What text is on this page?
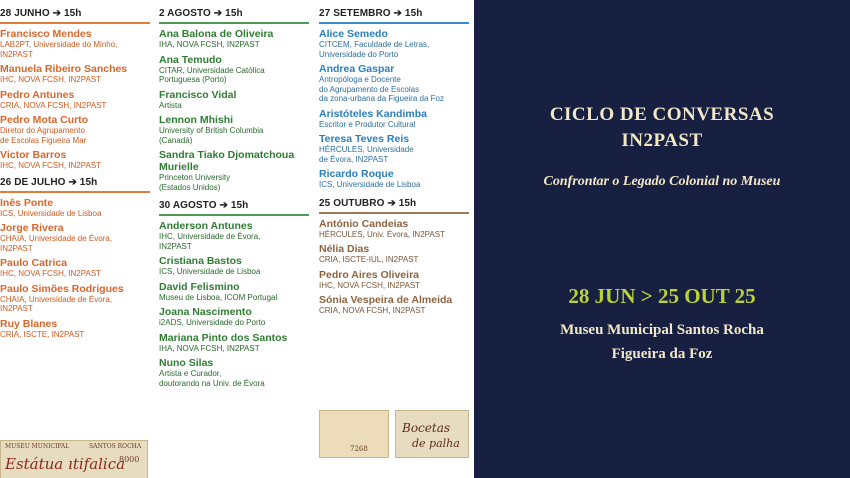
28 JUNHO ➔ 15h
Francisco Mendes
LAB2PT, Universidade do Minho,
IN2PAST
Manuela Ribeiro Sanches
IHC, NOVA FCSH, IN2PAST
Pedro Antunes
CRIA, NOVA FCSH, IN2PAST
Pedro Mota Curto
Diretor do Agrupamento
de Escolas Figueira Mar
Victor Barros
IHC, NOVA FCSH, IN2PAST
26 DE JULHO ➔ 15h
Inês Ponte
ICS, Universidade de Lisboa
Jorge Rivera
CHAIA, Universidade de Évora,
IN2PAST
Paulo Catrica
IHC, NOVA FCSH, IN2PAST
Paulo Simões Rodrigues
CHAIA, Universidade de Évora,
IN2PAST
Ruy Blanes
CRIA, ISCTE, IN2PAST
2 AGOSTO ➔ 15h
Ana Balona de Oliveira
IHA, NOVA FCSH, IN2PAST
Ana Temudo
CITAR, Universidade Católica
Portuguesa (Porto)
Francisco Vidal
Artista
Lennon Mhishi
University of British Columbia
(Canadá)
Sandra Tiako Djomatchoua Murielle
Princeton University
(Estados Unidos)
30 AGOSTO ➔ 15h
Anderson Antunes
IHC, Universidade de Évora,
IN2PAST
Cristiana Bastos
ICS, Universidade de Lisboa
David Felismino
Museu de Lisboa, ICOM Portugal
Joana Nascimento
i2ADS, Universidade do Porto
Mariana Pinto dos Santos
IHA, NOVA FCSH, IN2PAST
Nuno Silas
Artista e Curador,
doutorando na Univ. de Évora
27 SETEMBRO ➔ 15h
Alice Semedo
CITCEM, Faculdade de Letras,
Universidade do Porto
Andrea Gaspar
Antropóloga e Docente
do Agrupamento de Escolas
da zona-urbana da Figueira da Foz
Aristóteles Kandimba
Escritor e Produtor Cultural
Teresa Teves Reis
HÉRCULES, Universidade
de Évora, IN2PAST
Ricardo Roque
ICS, Universidade de Lisboa
25 OUTUBRO ➔ 15h
António Candeias
HÉRCULES, Univ. Évora, IN2PAST
Nélia Dias
CRIA, ISCTE-IUL, IN2PAST
Pedro Aires Oliveira
IHC, NOVA FCSH, IN2PAST
Sónia Vespeira de Almeida
CRIA, NOVA FCSH, IN2PAST
MUSEU MUNICIPAL	SANTOS ROCHA
Estátua ıtifalica
8000
7268
Bocetas
de palha
CICLO DE CONVERSAS
IN2PAST
Confrontar o Legado Colonial no Museu
28 JUN > 25 OUT 25
Museu Municipal Santos Rocha
Figueira da Foz
